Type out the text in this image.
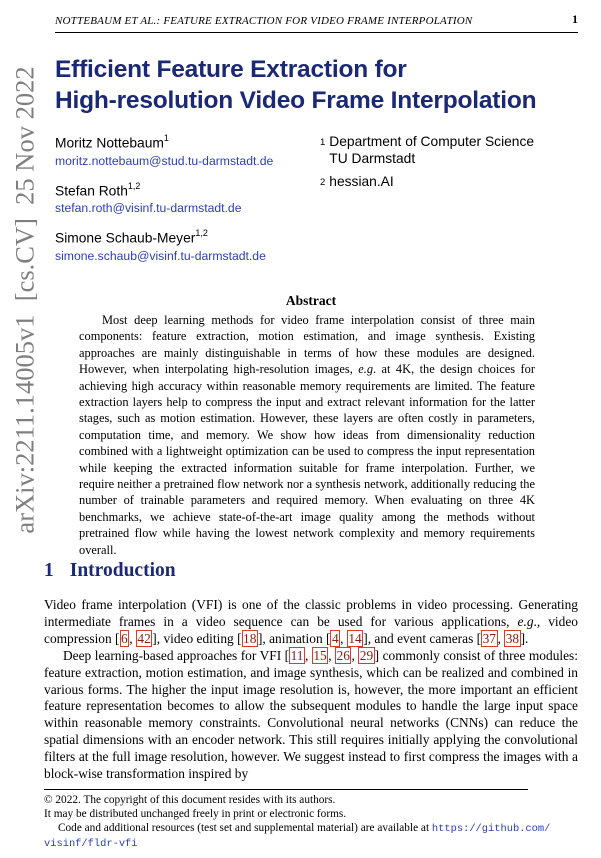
arXiv:2211.14005v1  [cs.CV]  25 Nov 2022
NOTTEBAUM ET AL.: FEATURE EXTRACTION FOR VIDEO FRAME INTERPOLATION	1
Efficient Feature Extraction for
High-resolution Video Frame Interpolation
Moritz Nottebaum$^1$
moritz.nottebaum@stud.tu-darmstadt.de
Stefan Roth$^{1,2}$
stefan.roth@visinf.tu-darmstadt.de
Simone Schaub-Meyer$^{1,2}$
simone.schaub@visinf.tu-darmstadt.de
$^1$ Department of Computer Science
TU Darmstadt
$^2$ hessian.AI
Abstract

Most deep learning methods for video frame interpolation consist of three main components: feature extraction, motion estimation, and image synthesis. Existing approaches are mainly distinguishable in terms of how these modules are designed. However, when interpolating high-resolution images, e.g. at 4K, the design choices for achieving high accuracy within reasonable memory requirements are limited. The feature extraction layers help to compress the input and extract relevant information for the latter stages, such as motion estimation. However, these layers are often costly in parameters, computation time, and memory. We show how ideas from dimensionality reduction combined with a lightweight optimization can be used to compress the input representation while keeping the extracted information suitable for frame interpolation. Further, we require neither a pretrained flow network nor a synthesis network, additionally reducing the number of trainable parameters and required memory. When evaluating on three 4K benchmarks, we achieve state-of-the-art image quality among the methods without pretrained flow while having the lowest network complexity and memory requirements overall.

1 Introduction

Video frame interpolation (VFI) is one of the classic problems in video processing. Generating intermediate frames in a video sequence can be used for various applications, e.g., video compression [ 6 , 42 ], video editing [ 18 ], animation [ 4 , 14 ], and event cameras [ 37 , 38 ].

Deep learning-based approaches for VFI [ 11 , 15 , 26 , 29 ] commonly consist of three modules: feature extraction, motion estimation, and image synthesis, which can be realized and combined in various forms. The higher the input image resolution is, however, the more important an efficient feature representation becomes to allow the subsequent modules to handle the large input space within reasonable memory constraints. Convolutional neural networks (CNNs) can reduce the spatial dimensions with an encoder network. This still requires initially applying the convolutional filters at the full image resolution, however. We suggest instead to first compress the images with a block-wise transformation inspired by

© 2022. The copyright of this document resides with its authors.
It may be distributed unchanged freely in print or electronic forms.

Code and additional resources (test set and supplemental material) are available at https://github.com/

visinf/fldr-vfi
